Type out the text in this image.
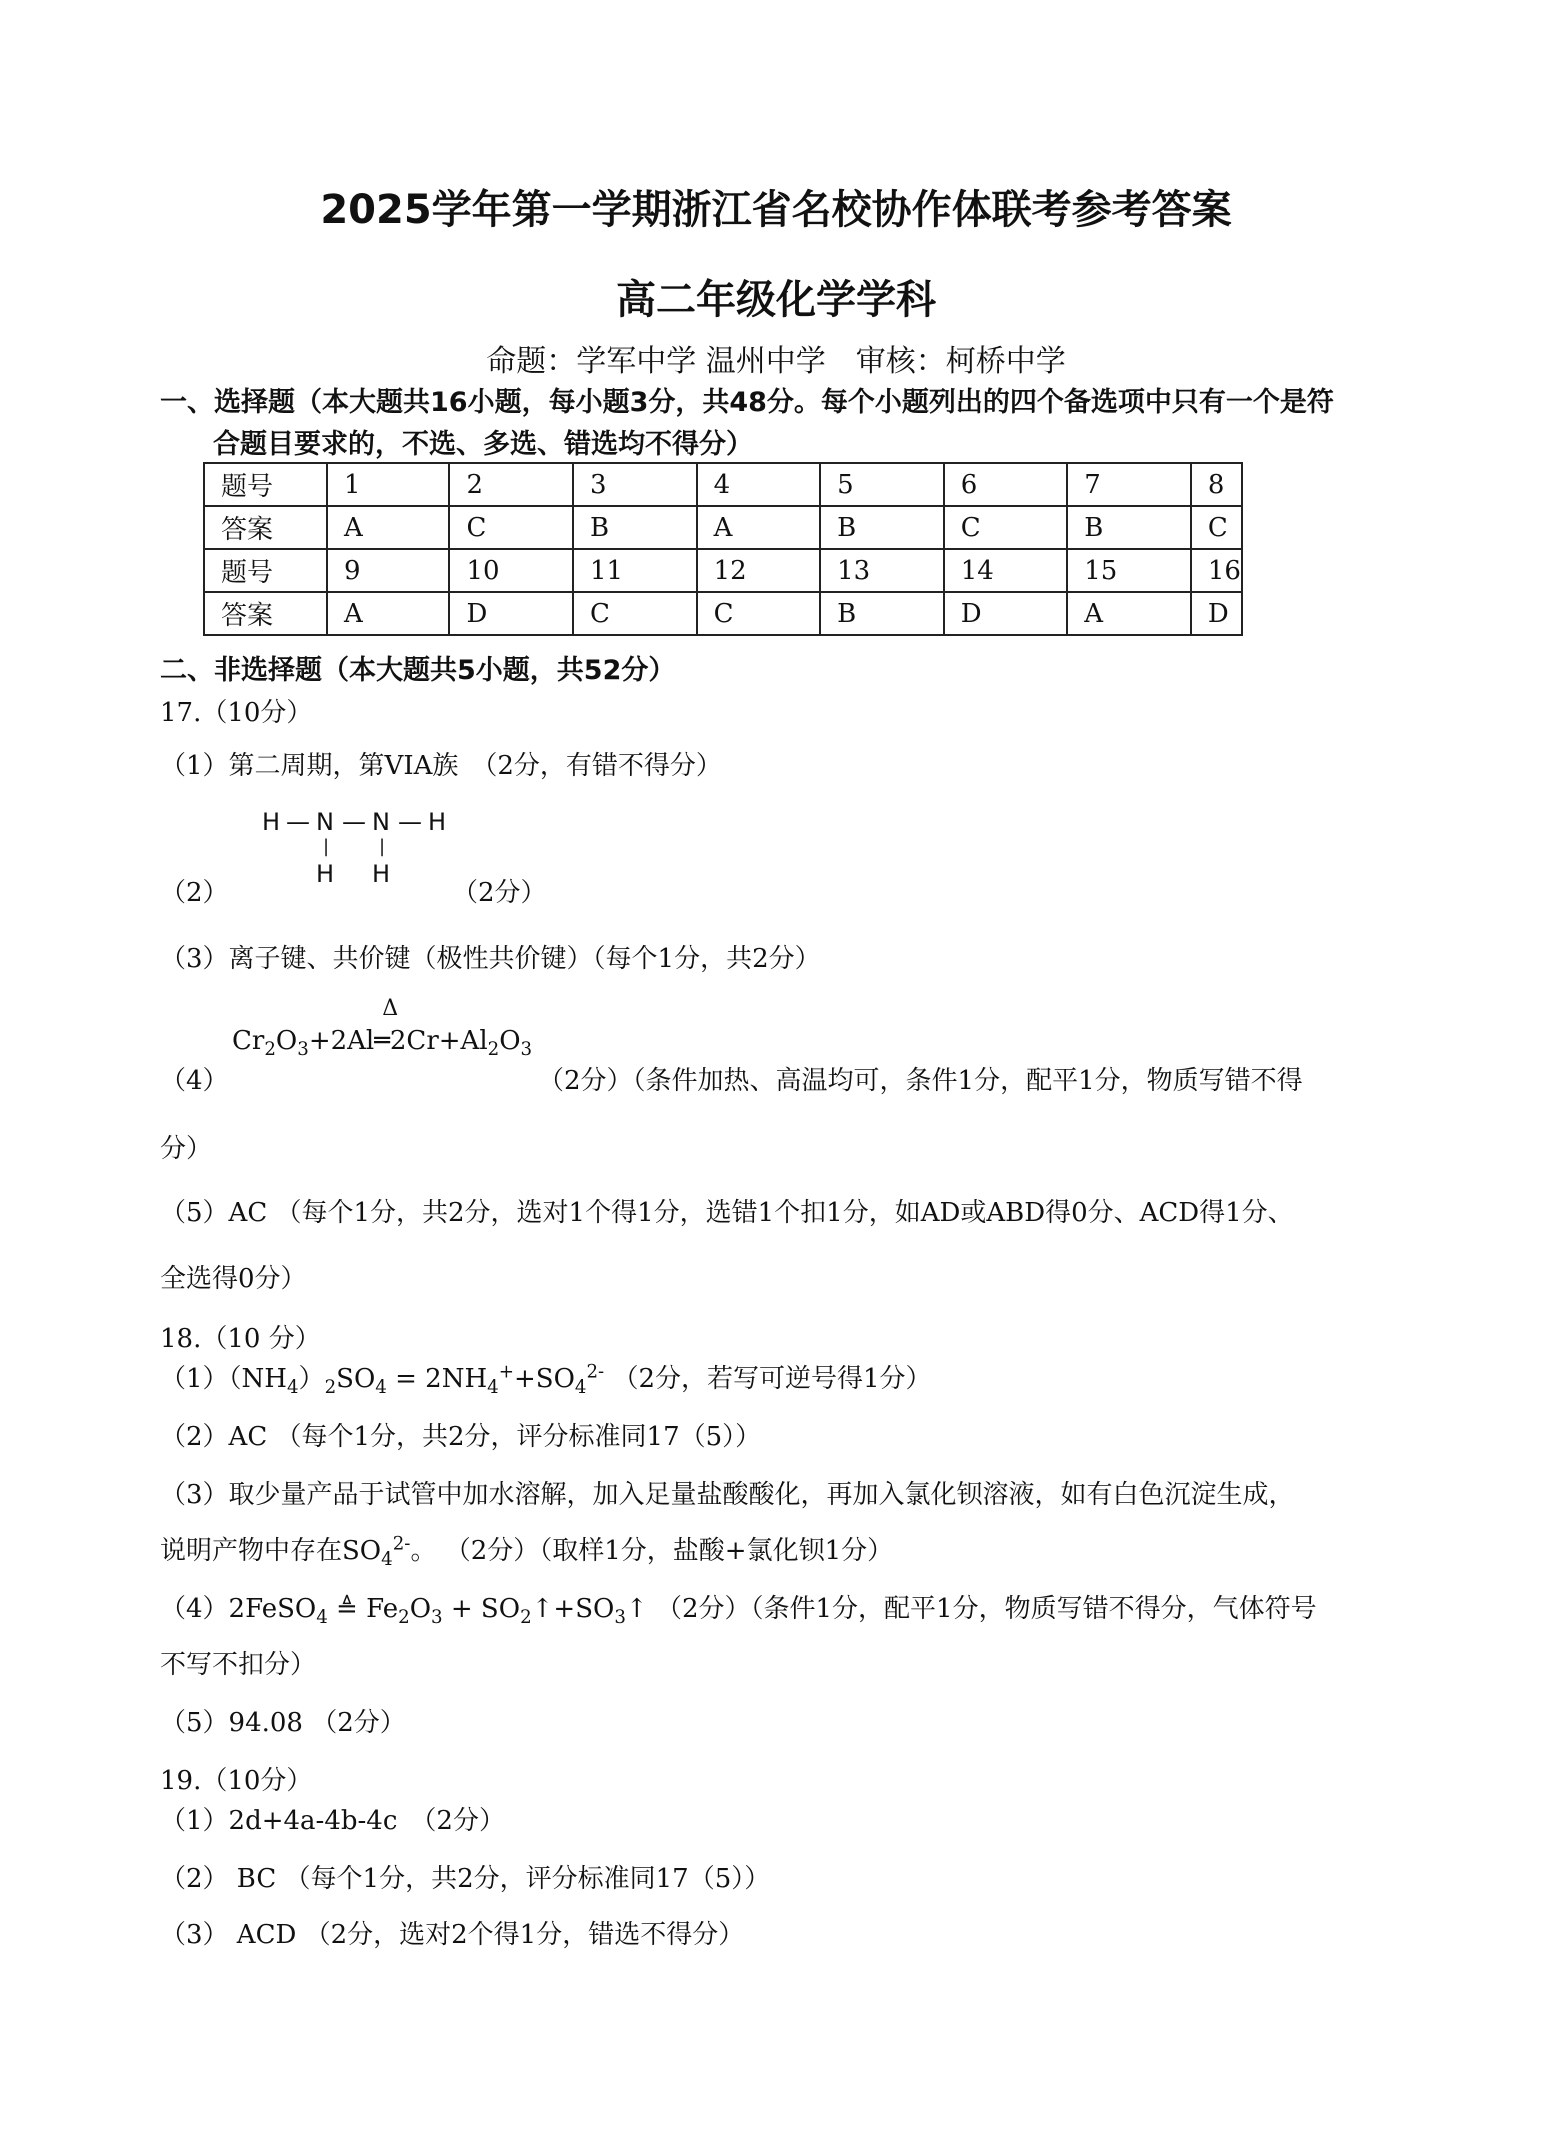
2025学年第一学期浙江省名校协作体联考参考答案
高二年级化学学科
命题：学军中学 温州中学　审核：柯桥中学
一、选择题（本大题共16小题，每小题3分，共48分。每个小题列出的四个备选项中只有一个是符
合题目要求的，不选、多选、错选均不得分）
题号	1	2	3	4	5	6	7	8
答案	A	C	B	A	B	C	B	C
题号	9	10	11	12	13	14	15	16
答案	A	D	C	C	B	D	A	D
二、非选择题（本大题共5小题，共52分）
17.（10分）
（1）第二周期，第VIA族　（2分，有错不得分）
（2）
H — N — N — H
|	|
H H
（2分）
（3）离子键、共价键（极性共价键）（每个1分，共2分）
（4）
$Cr_2O_3+2Al$
Δ
$═2Cr+Al_2O_3$
（2分）（条件加热、高温均可，条件1分，配平1分，物质写错不得
分）
（5）AC （每个1分，共2分，选对1个得1分，选错1个扣1分，如AD或ABD得0分、ACD得1分、
全选得0分）
18.（10 分）
$(1)(NH_4)_2SO_4 = 2NH_4^++SO_4^{2-}$ （2分，若写可逆号得1分）
（2）AC （每个1分，共2分，评分标准同17（5））
（3）取少量产品于试管中加水溶解，加入足量盐酸酸化，再加入氯化钡溶液，如有白色沉淀生成，
说明产物中存在$SO_4^{2-}$。 （2分）（取样1分，盐酸+氯化钡1分）
（4）2FeSO$_4$ ≜ $Fe_2O_3$ + $SO_2↑+SO_3↑$ （2分）（条件1分，配平1分，物质写错不得分，气体符号
不写不扣分）
（5）94.08 （2分）
19.（10分）
（1）2d+4a-4b-4c　（2分）
（2） BC （每个1分，共2分，评分标准同17（5））
（3） ACD （2分，选对2个得1分，错选不得分）
